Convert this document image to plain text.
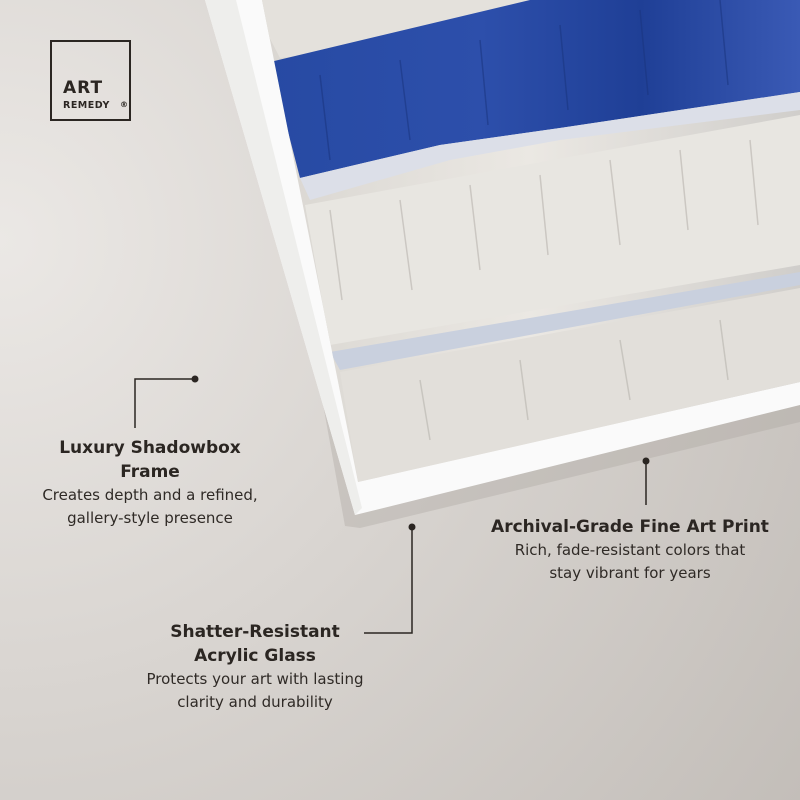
ART
REMEDY ®
Luxury Shadowbox
Frame
Creates depth and a refined,
gallery-style presence	Archival-Grade Fine Art Print
Rich, fade-resistant colors that
stay vibrant for years
Shatter-Resistant
Acrylic Glass
Protects your art with lasting
clarity and durability
